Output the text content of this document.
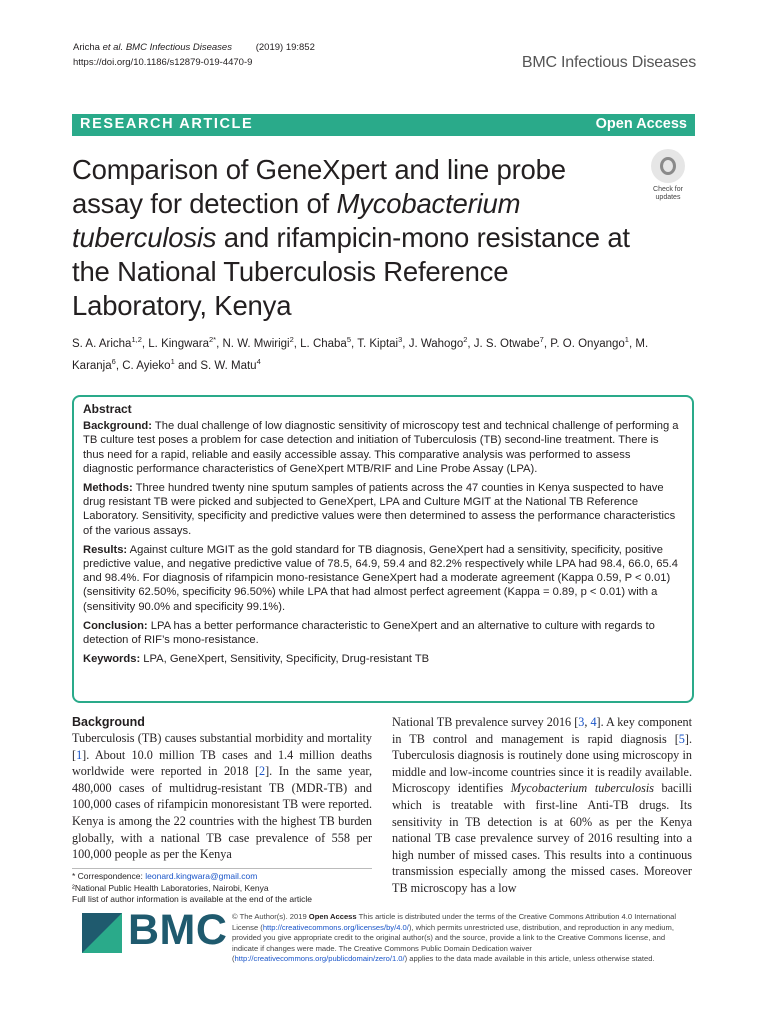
Aricha et al. BMC Infectious Diseases	(2019) 19:852
https://doi.org/10.1186/s12879-019-4470-9	BMC Infectious Diseases
RESEARCH ARTICLE	Open Access
Comparison of GeneXpert and line probe assay for detection of Mycobacterium tuberculosis and rifampicin-mono resistance at the National Tuberculosis Reference Laboratory, Kenya
Check for
updates
S. A. Aricha$^{1,2}$, L. Kingwara$^{2*}$, N. W. Mwirigi$^2$, L. Chaba$^5$, T. Kiptai$^3$, J. Wahogo$^2$, J. S. Otwabe$^7$, P. O. Onyango$^1$, M. Karanja$^6$, C. Ayieko$^1$ and S. W. Matu$^4$
Abstract

Background: The dual challenge of low diagnostic sensitivity of microscopy test and technical challenge of performing a TB culture test poses a problem for case detection and initiation of Tuberculosis (TB) second-line treatment. There is thus need for a rapid, reliable and easily accessible assay. This comparative analysis was performed to assess diagnostic performance characteristics of GeneXpert MTB/RIF and Line Probe Assay (LPA).

Methods: Three hundred twenty nine sputum samples of patients across the 47 counties in Kenya suspected to have drug resistant TB were picked and subjected to GeneXpert, LPA and Culture MGIT at the National TB Reference Laboratory. Sensitivity, specificity and predictive values were then determined to assess the performance characteristics of the various assays.

Results: Against culture MGIT as the gold standard for TB diagnosis, GeneXpert had a sensitivity, specificity, positive predictive value, and negative predictive value of 78.5, 64.9, 59.4 and 82.2% respectively while LPA had 98.4, 66.0, 65.4 and 98.4%. For diagnosis of rifampicin mono-resistance GeneXpert had a moderate agreement (Kappa 0.59, P < 0.01) (sensitivity 62.50%, specificity 96.50%) while LPA that had almost perfect agreement (Kappa = 0.89, p < 0.01) with a (sensitivity 90.0% and specificity 99.1%).

Conclusion: LPA has a better performance characteristic to GeneXpert and an alternative to culture with regards to detection of RIF’s mono-resistance.

Keywords: LPA, GeneXpert, Sensitivity, Specificity, Drug-resistant TB

Background

Tuberculosis (TB) causes substantial morbidity and mortality [1]. About 10.0 million TB cases and 1.4 million deaths worldwide were reported in 2018 [2]. In the same year, 480,000 cases of multidrug-resistant TB (MDR-TB) and 100,000 cases of rifampicin monoresistant TB were reported. Kenya is among the 22 countries with the highest TB burden globally, with a national TB case prevalence of 558 per 100,000 people as per the Kenya

National TB prevalence survey 2016 [3, 4]. A key component in TB control and management is rapid diagnosis [5]. Tuberculosis diagnosis is routinely done using microscopy in middle and low-income countries since it is readily available. Microscopy identifies Mycobacterium tuberculosis bacilli which is treatable with first-line Anti-TB drugs. Its sensitivity in TB detection is at 60% as per the Kenya national TB case prevalence survey of 2016 resulting into a high number of missed cases. This results into a continuous transmission especially among the missed cases. Moreover TB microscopy has a low

* Correspondence: leonard.kingwara@gmail.com
²National Public Health Laboratories, Nairobi, Kenya
Full list of author information is available at the end of the article
BMC © The Author(s). 2019 Open Access This article is distributed under the terms of the Creative Commons Attribution 4.0 International License (http://creativecommons.org/licenses/by/4.0/), which permits unrestricted use, distribution, and reproduction in any medium, provided you give appropriate credit to the original author(s) and the source, provide a link to the Creative Commons license, and indicate if changes were made. The Creative Commons Public Domain Dedication waiver (http://creativecommons.org/publicdomain/zero/1.0/) applies to the data made available in this article, unless otherwise stated.
